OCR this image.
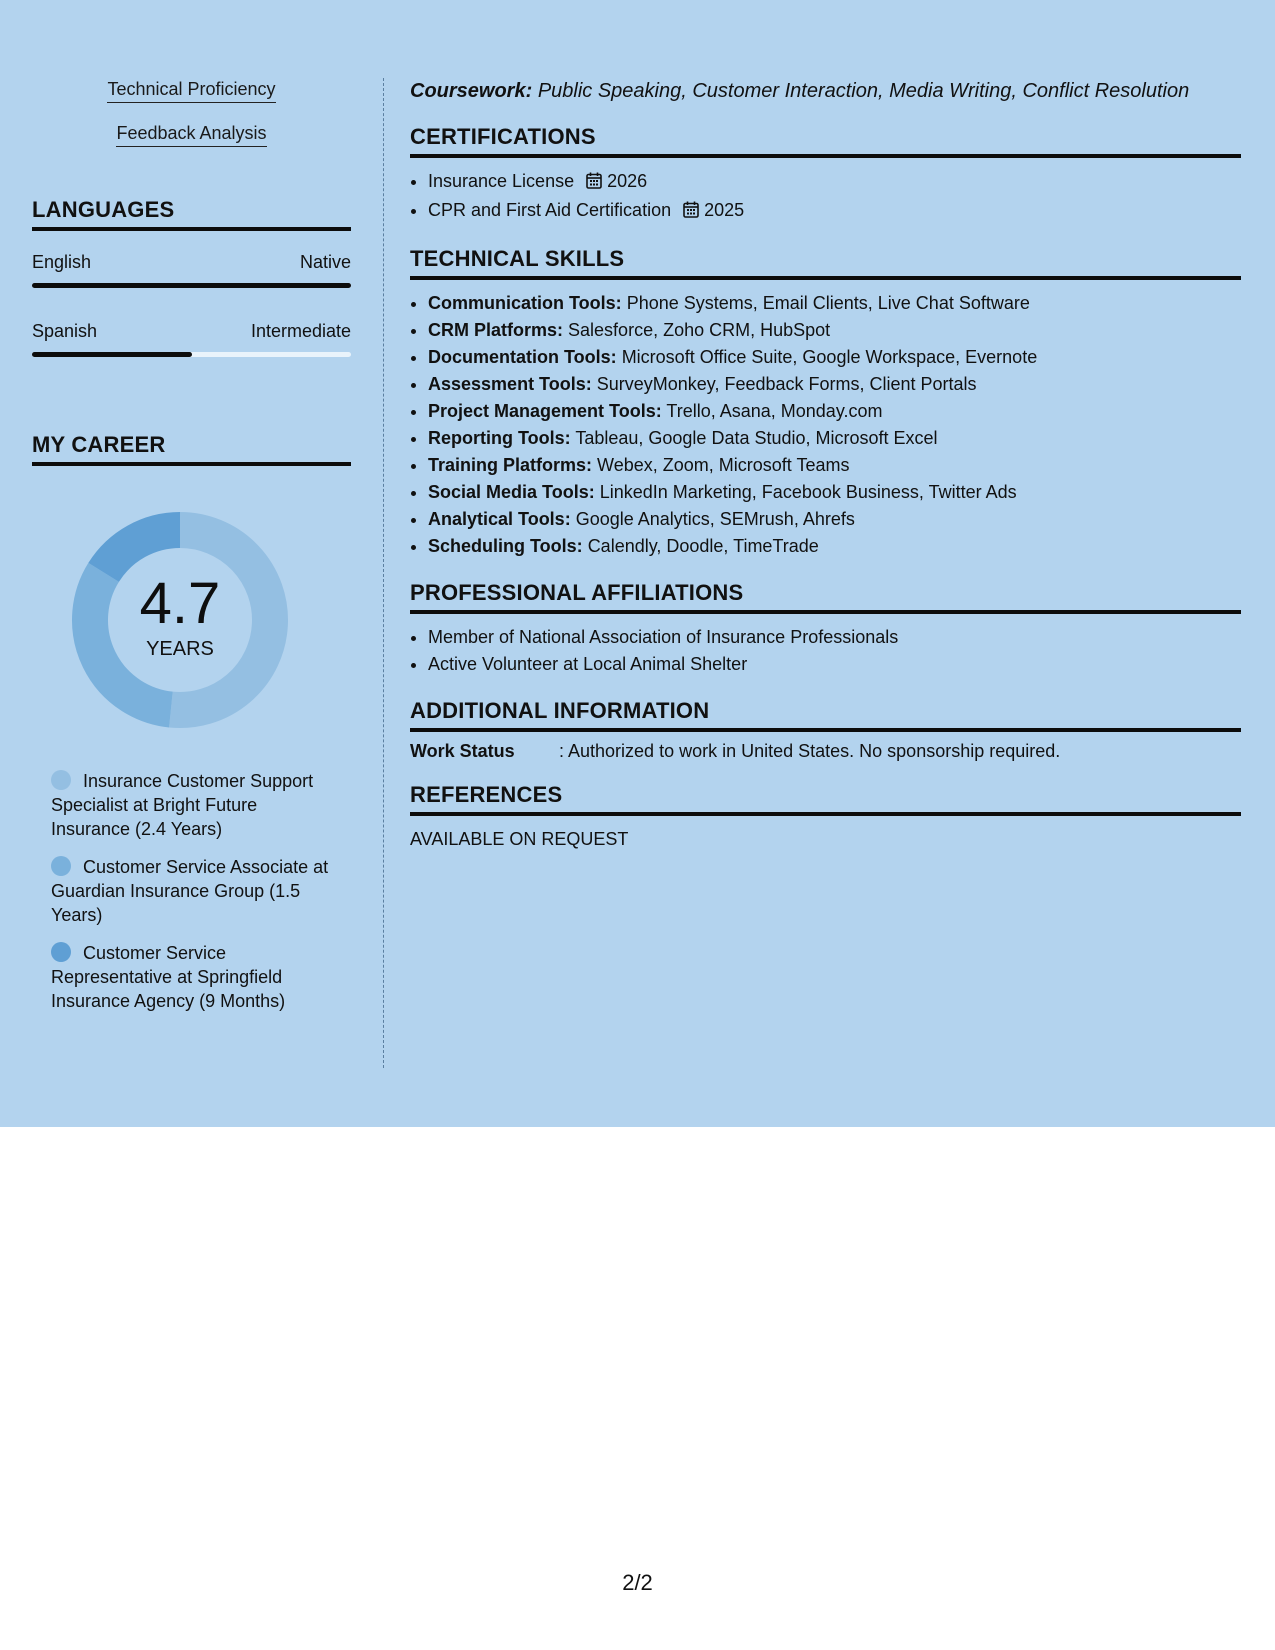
Technical Proficiency
Feedback Analysis
LANGUAGES
English	Native
Spanish	Intermediate
MY CAREER
4.7
YEARS
Insurance Customer Support Specialist at Bright Future Insurance (2.4 Years)
Customer Service Associate at Guardian Insurance Group (1.5 Years)
Customer Service Representative at Springfield Insurance Agency (9 Months)
Coursework: Public Speaking, Customer Interaction, Media Writing, Conflict Resolution
CERTIFICATIONS
• Insurance License 2026
• CPR and First Aid Certification 2025
TECHNICAL SKILLS
• Communication Tools: Phone Systems, Email Clients, Live Chat Software
• CRM Platforms: Salesforce, Zoho CRM, HubSpot
• Documentation Tools: Microsoft Office Suite, Google Workspace, Evernote
• Assessment Tools: SurveyMonkey, Feedback Forms, Client Portals
• Project Management Tools: Trello, Asana, Monday.com
• Reporting Tools: Tableau, Google Data Studio, Microsoft Excel
• Training Platforms: Webex, Zoom, Microsoft Teams
• Social Media Tools: LinkedIn Marketing, Facebook Business, Twitter Ads
• Analytical Tools: Google Analytics, SEMrush, Ahrefs
• Scheduling Tools: Calendly, Doodle, TimeTrade
PROFESSIONAL AFFILIATIONS
• Member of National Association of Insurance Professionals
• Active Volunteer at Local Animal Shelter
ADDITIONAL INFORMATION
Work Status	: Authorized to work in United States. No sponsorship required.
REFERENCES
AVAILABLE ON REQUEST
2/2
